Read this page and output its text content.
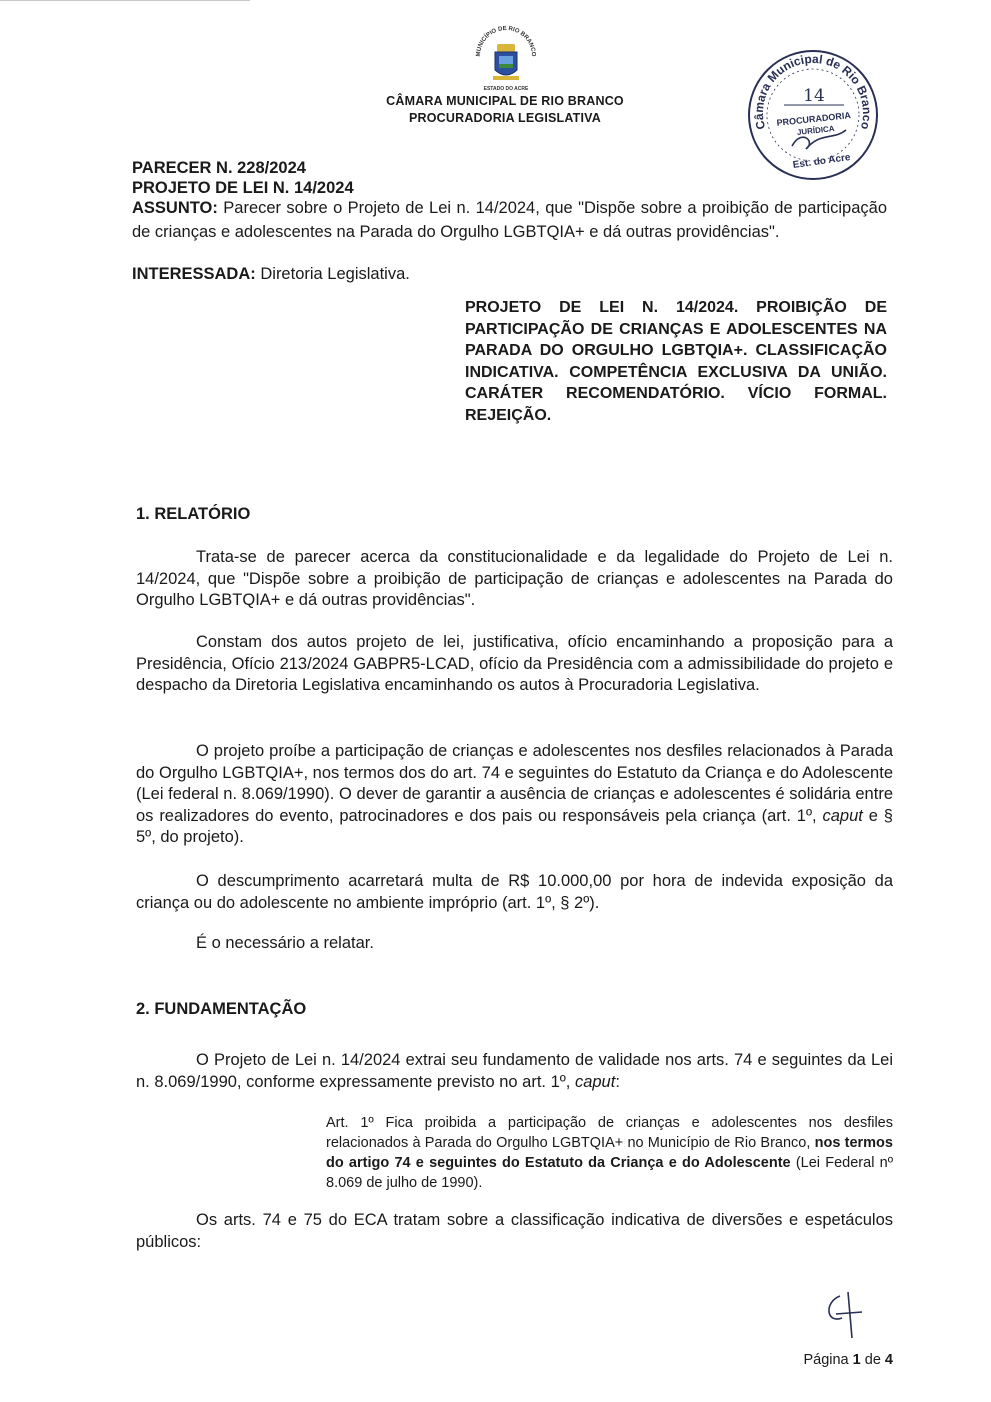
MUNICÍPIO DE RIO BRANCO
ESTADO DO ACRE
CÂMARA MUNICIPAL DE RIO BRANCO
PROCURADORIA LEGISLATIVA
Câmara Municipal de Rio Branco
14
PROCURADORIA
JURÍDICA
Est. do Acre
PARECER N. 228/2024
PROJETO DE LEI N. 14/2024
ASSUNTO: Parecer sobre o Projeto de Lei n. 14/2024, que "Dispõe sobre a proibição de participação de crianças e adolescentes na Parada do Orgulho LGBTQIA+ e dá outras providências".
INTERESSADA: Diretoria Legislativa.
PROJETO DE LEI N. 14/2024. PROIBIÇÃO DE PARTICIPAÇÃO DE CRIANÇAS E ADOLESCENTES NA PARADA DO ORGULHO LGBTQIA+. CLASSIFICAÇÃO INDICATIVA. COMPETÊNCIA EXCLUSIVA DA UNIÃO. CARÁTER RECOMENDATÓRIO. VÍCIO FORMAL. REJEIÇÃO.
1. RELATÓRIO
Trata-se de parecer acerca da constitucionalidade e da legalidade do Projeto de Lei n. 14/2024, que "Dispõe sobre a proibição de participação de crianças e adolescentes na Parada do Orgulho LGBTQIA+ e dá outras providências".
Constam dos autos projeto de lei, justificativa, ofício encaminhando a proposição para a Presidência, Ofício 213/2024 GABPR5-LCAD, ofício da Presidência com a admissibilidade do projeto e despacho da Diretoria Legislativa encaminhando os autos à Procuradoria Legislativa.
O projeto proíbe a participação de crianças e adolescentes nos desfiles relacionados à Parada do Orgulho LGBTQIA+, nos termos dos do art. 74 e seguintes do Estatuto da Criança e do Adolescente (Lei federal n. 8.069/1990). O dever de garantir a ausência de crianças e adolescentes é solidária entre os realizadores do evento, patrocinadores e dos pais ou responsáveis pela criança (art. 1º, caput e § 5º, do projeto).
O descumprimento acarretará multa de R$ 10.000,00 por hora de indevida exposição da criança ou do adolescente no ambiente impróprio (art. 1º, § 2º).
É o necessário a relatar.
2. FUNDAMENTAÇÃO
O Projeto de Lei n. 14/2024 extrai seu fundamento de validade nos arts. 74 e seguintes da Lei n. 8.069/1990, conforme expressamente previsto no art. 1º, caput:
Art. 1º Fica proibida a participação de crianças e adolescentes nos desfiles relacionados à Parada do Orgulho LGBTQIA+ no Município de Rio Branco, nos termos do artigo 74 e seguintes do Estatuto da Criança e do Adolescente (Lei Federal nº 8.069 de julho de 1990).
Os arts. 74 e 75 do ECA tratam sobre a classificação indicativa de diversões e espetáculos públicos:
Página 1 de 4
